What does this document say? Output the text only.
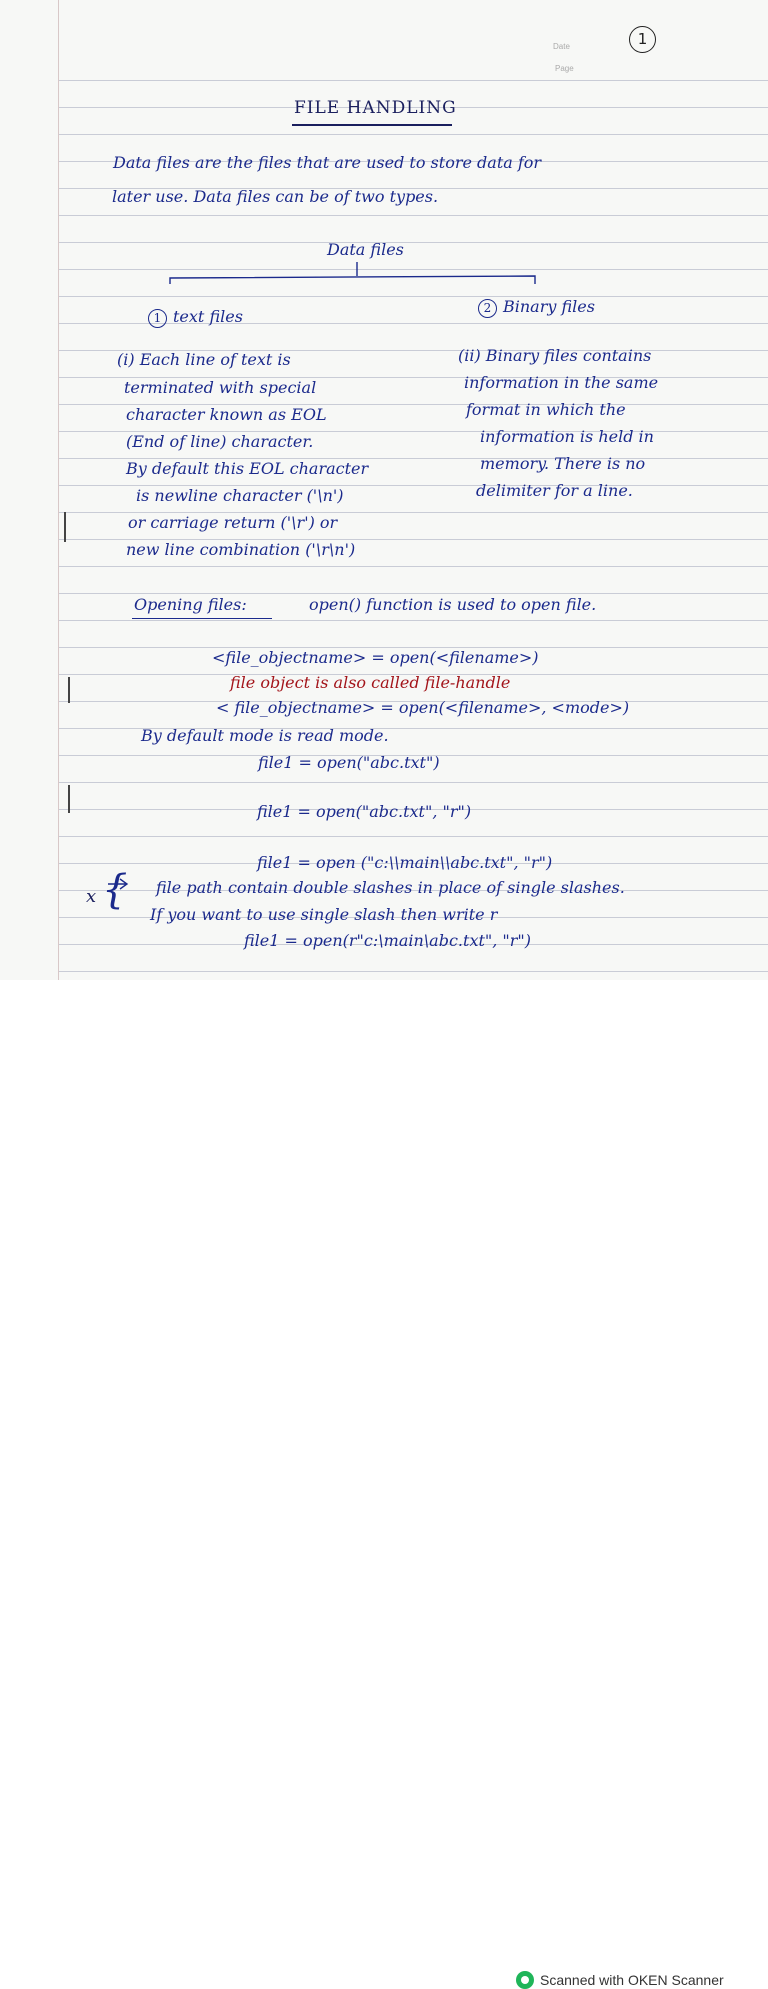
Date
Page
1
FILE HANDLING
Data files are the files that are used to store data for
later use. Data files can be of two types.
Data files
1 text files	2 Binary files
(i) Each line of text is
terminated with special
character known as EOL
(End of line) character.
By default this EOL character
is newline character ('\n')
or carriage return ('\r') or
new line combination ('\r\n')
(ii) Binary files contains
information in the same
format in which the
information is held in
memory. There is no
delimiter for a line.
Opening files:	open() function is used to open file.
<file_objectname> = open(<filename>)
file object is also called file-handle
< file_objectname> = open(<filename>, <mode>)
By default mode is read mode.
file1 = open("abc.txt")
file1 = open("abc.txt", "r")
file1 = open ("c:\\main\\abc.txt", "r")
x { file path contain double slashes in place of single slashes.
If you want to use single slash then write r
file1 = open(r"c:\main\abc.txt", "r")
Scanned with OKEN Scanner
